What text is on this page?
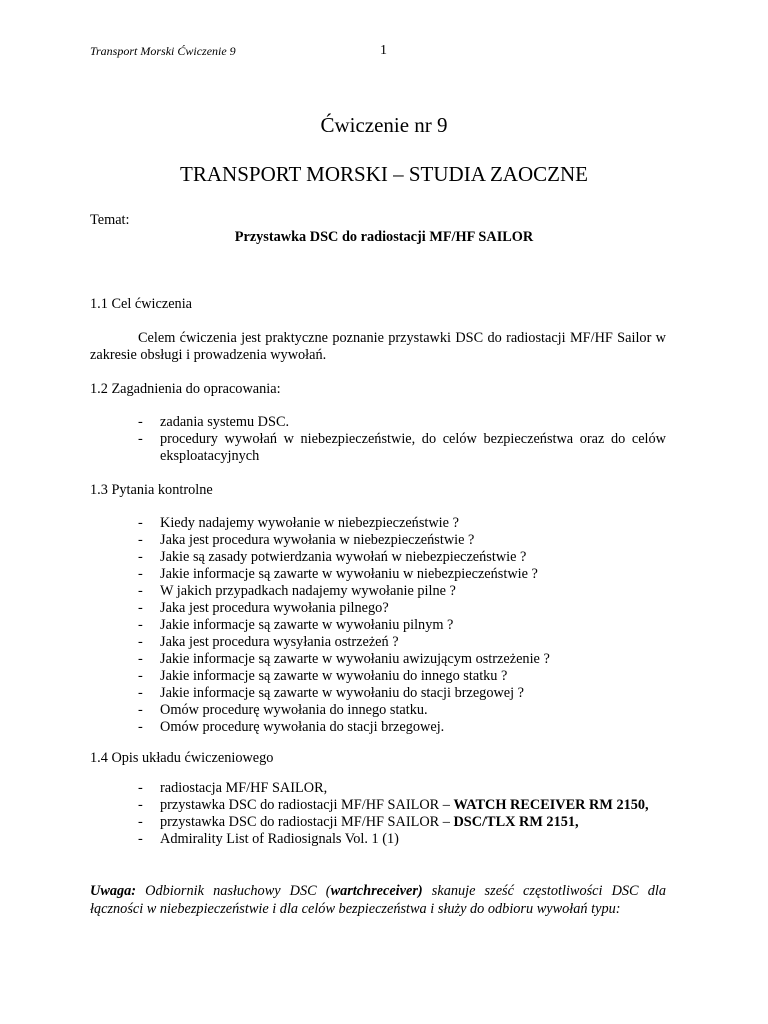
Transport Morski Ćwiczenie 9	1
Ćwiczenie nr 9
TRANSPORT MORSKI – STUDIA ZAOCZNE
Temat:
Przystawka DSC do radiostacji MF/HF SAILOR
1.1 Cel ćwiczenia
Celem ćwiczenia jest praktyczne poznanie przystawki DSC do radiostacji MF/HF Sailor w zakresie obsługi i prowadzenia wywołań.
1.2 Zagadnienia do opracowania:
- zadania systemu DSC.
- procedury wywołań w niebezpieczeństwie, do celów bezpieczeństwa oraz do celów eksploatacyjnych
1.3 Pytania kontrolne
- Kiedy nadajemy wywołanie w niebezpieczeństwie ?
- Jaka jest procedura wywołania w niebezpieczeństwie ?
- Jakie są zasady potwierdzania wywołań w niebezpieczeństwie ?
- Jakie informacje są zawarte w wywołaniu w niebezpieczeństwie ?
- W jakich przypadkach nadajemy wywołanie pilne ?
- Jaka jest procedura wywołania pilnego?
- Jakie informacje są zawarte w wywołaniu pilnym ?
- Jaka jest procedura wysyłania ostrzeżeń ?
- Jakie informacje są zawarte w wywołaniu awizującym ostrzeżenie ?
- Jakie informacje są zawarte w wywołaniu do innego statku ?
- Jakie informacje są zawarte w wywołaniu do stacji brzegowej ?
- Omów procedurę wywołania do innego statku.
- Omów procedurę wywołania do stacji brzegowej.
1.4 Opis układu ćwiczeniowego
- radiostacja MF/HF SAILOR,
- przystawka DSC do radiostacji MF/HF SAILOR – WATCH RECEIVER RM 2150,
- przystawka DSC do radiostacji MF/HF SAILOR – DSC/TLX RM 2151,
- Admirality List of Radiosignals Vol. 1 (1)
Uwaga: Odbiornik nasłuchowy DSC (wartchreceiver) skanuje sześć częstotliwości DSC dla łączności w niebezpieczeństwie i dla celów bezpieczeństwa i służy do odbioru wywołań typu:
